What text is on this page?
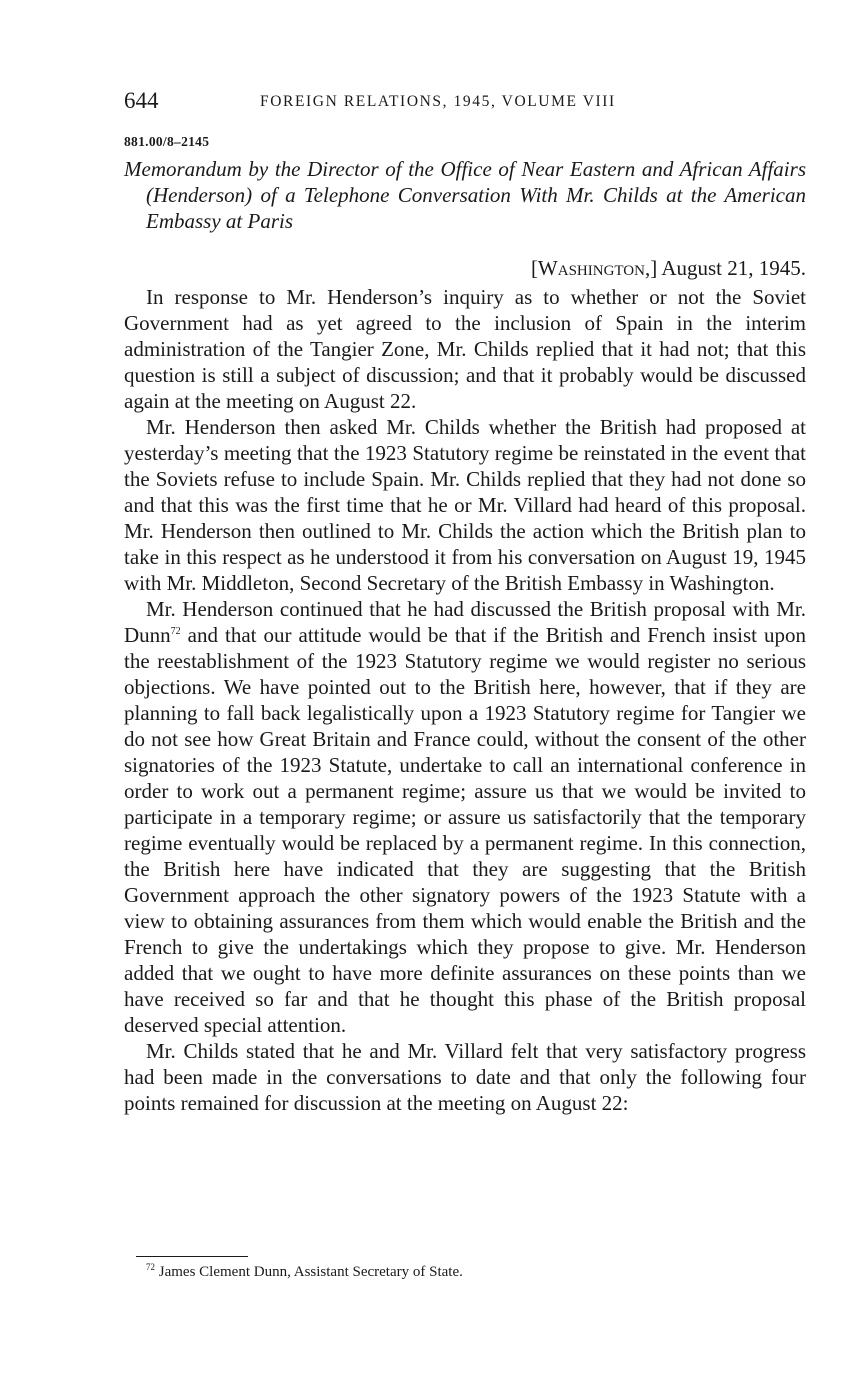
644	FOREIGN RELATIONS, 1945, VOLUME VIII
881.00/8–2145
Memorandum by the Director of the Office of Near Eastern and African Affairs (Henderson) of a Telephone Conversation With Mr. Childs at the American Embassy at Paris
[Washington,] August 21, 1945.

In response to Mr. Henderson’s inquiry as to whether or not the Soviet Government had as yet agreed to the inclusion of Spain in the interim administration of the Tangier Zone, Mr. Childs replied that it had not; that this question is still a subject of discussion; and that it probably would be discussed again at the meeting on August 22.

Mr. Henderson then asked Mr. Childs whether the British had proposed at yesterday’s meeting that the 1923 Statutory regime be reinstated in the event that the Soviets refuse to include Spain. Mr. Childs replied that they had not done so and that this was the first time that he or Mr. Villard had heard of this proposal. Mr. Henderson then outlined to Mr. Childs the action which the British plan to take in this respect as he understood it from his conversation on August 19, 1945 with Mr. Middleton, Second Secretary of the British Embassy in Washington.

Mr. Henderson continued that he had discussed the British proposal with Mr. Dunn$^{72}$ and that our attitude would be that if the British and French insist upon the reestablishment of the 1923 Statutory regime we would register no serious objections. We have pointed out to the British here, however, that if they are planning to fall back legalistically upon a 1923 Statutory regime for Tangier we do not see how Great Britain and France could, without the consent of the other signatories of the 1923 Statute, undertake to call an international conference in order to work out a permanent regime; assure us that we would be invited to participate in a temporary regime; or assure us satisfactorily that the temporary regime eventually would be replaced by a permanent regime. In this connection, the British here have indicated that they are suggesting that the British Government approach the other signatory powers of the 1923 Statute with a view to obtaining assurances from them which would enable the British and the French to give the undertakings which they propose to give. Mr. Henderson added that we ought to have more definite assurances on these points than we have received so far and that he thought this phase of the British proposal deserved special attention.

Mr. Childs stated that he and Mr. Villard felt that very satisfactory progress had been made in the conversations to date and that only the following four points remained for discussion at the meeting on August 22:

$^{72}$ James Clement Dunn, Assistant Secretary of State.
